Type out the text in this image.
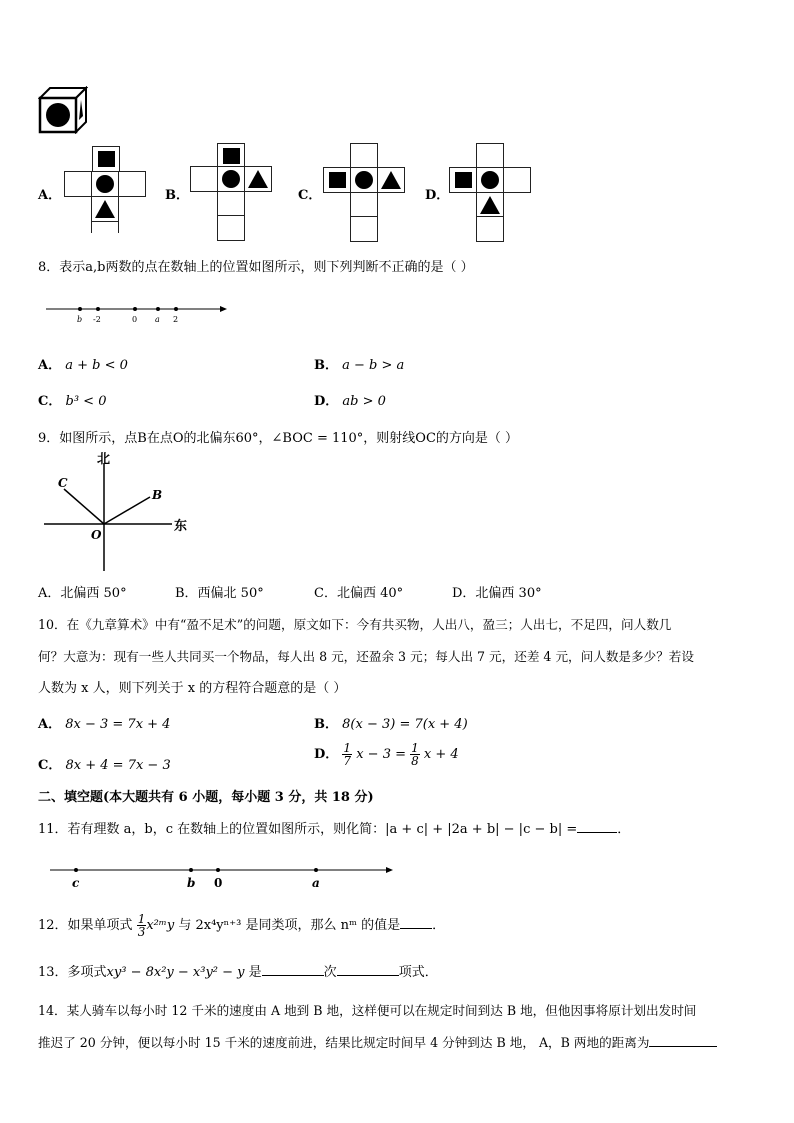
A．	B．	C．	D．
8．表示a,b两数的点在数轴上的位置如图所示，则下列判断不正确的是（ ）
b -2	0 a 2
A． a + b < 0	B． a − b > a
C． b³ < 0	D． ab > 0
9．如图所示，点B在点O的北偏东60°，∠BOC = 110°，则射线OC的方向是（ ）
北
东
O
B
C
A．北偏西 50°	B．西偏北 50°	C．北偏西 40°	D．北偏西 30°
10．在《九章算术》中有“盈不足术”的问题，原文如下：今有共买物，人出八，盈三；人出七，不足四，问人数几
何？大意为：现有一些人共同买一个物品，每人出 8 元，还盈余 3 元；每人出 7 元，还差 4 元，问人数是多少？若设
人数为 x 人，则下列关于 x 的方程符合题意的是（ ）
A． 8x − 3 = 7x + 4	B． 8(x − 3) = 7(x + 4)
C． 8x + 4 = 7x − 3
D． $\frac{1}{7}$ $x - 3 = \frac{1}{8}$ x + 4
二、填空题(本大题共有 6 小题，每小题 3 分，共 18 分)
11．若有理数 a，b，c 在数轴上的位置如图所示，则化简：|a + c| + |2a + b| − |c − b| =	．
c	b 0	a
12．如果单项式 $\frac{1}{3}$ x²ᵐy 与 2x⁴yⁿ⁺³ 是同类项，那么 nᵐ 的值是 ．
13．多项式xy³ − 8x²y − x³y² − y 是	次	项式．
14．某人骑车以每小时 12 千米的速度由 A 地到 B 地，这样便可以在规定时间到达 B 地，但他因事将原计划出发时间
推迟了 20 分钟，便以每小时 15 千米的速度前进，结果比规定时间早 4 分钟到达 B 地， A，B 两地的距离为
